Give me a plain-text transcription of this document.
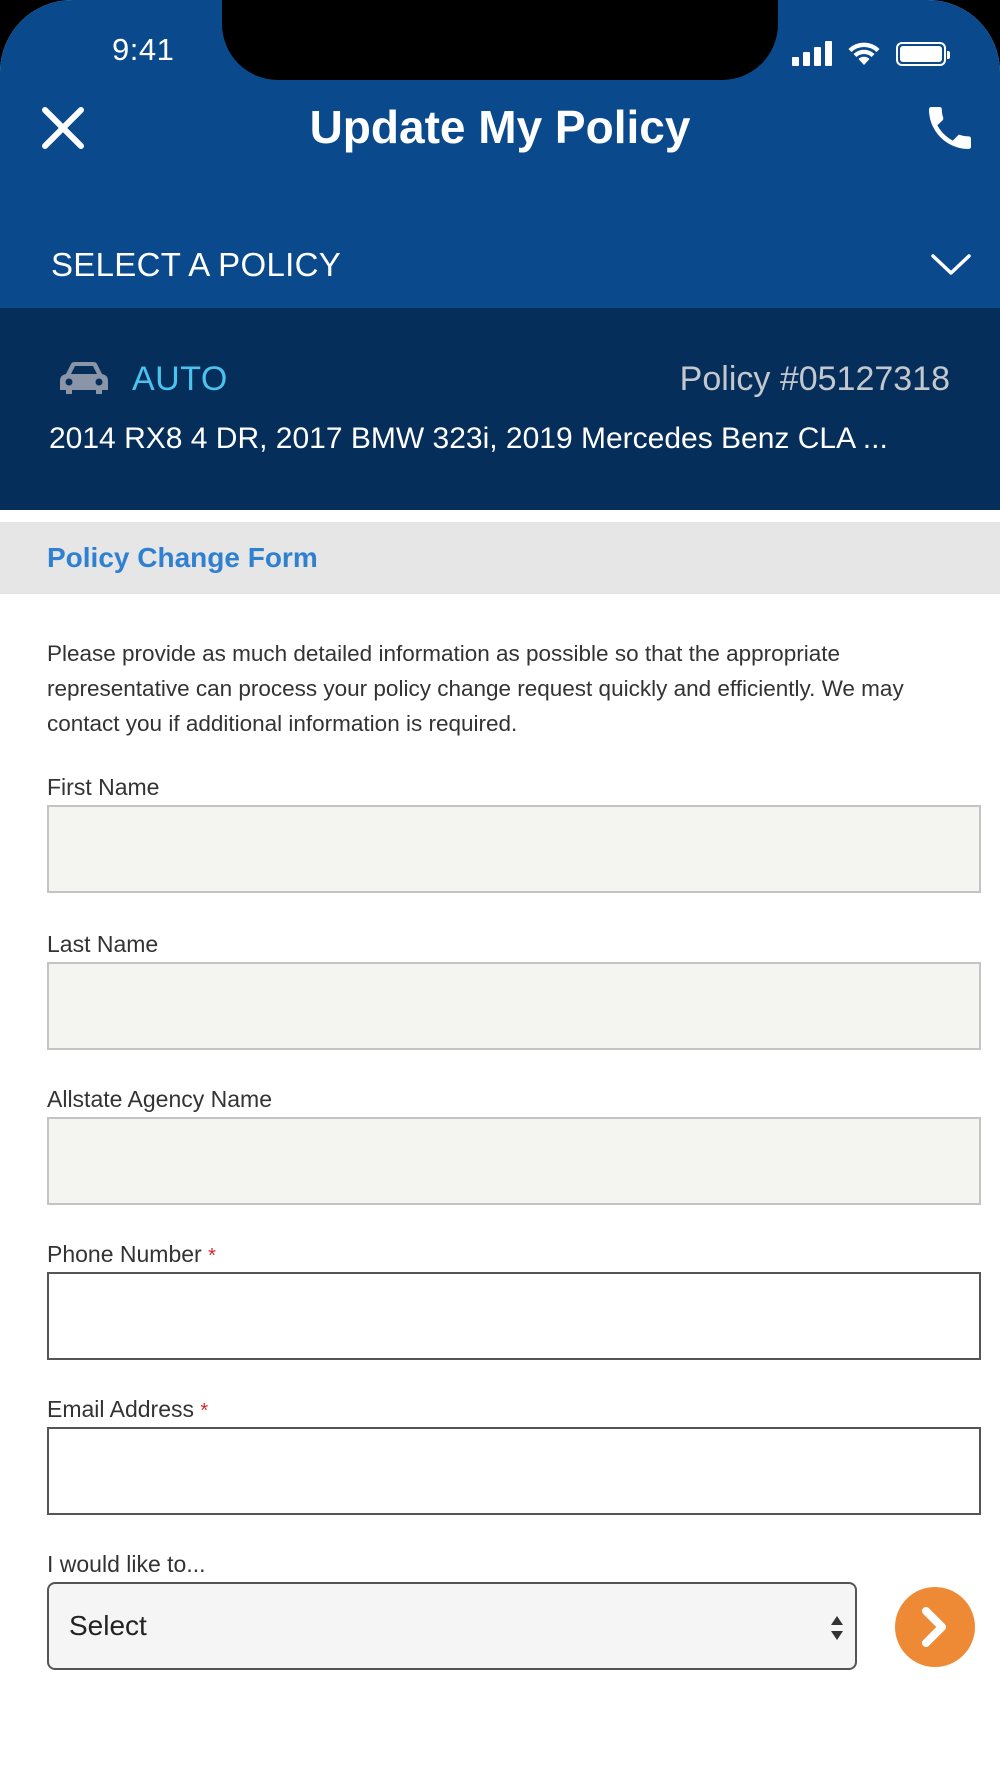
9:41
Update My Policy
SELECT A POLICY
AUTO	Policy #05127318
2014 RX8 4 DR, 2017 BMW 323i, 2019 Mercedes Benz CLA ...
Policy Change Form

Please provide as much detailed information as possible so that the appropriate representative can process your policy change request quickly and efficiently. We may contact you if additional information is required.

First Name
Last Name
Allstate Agency Name
Phone Number *
Email Address *
I would like to...
Select
